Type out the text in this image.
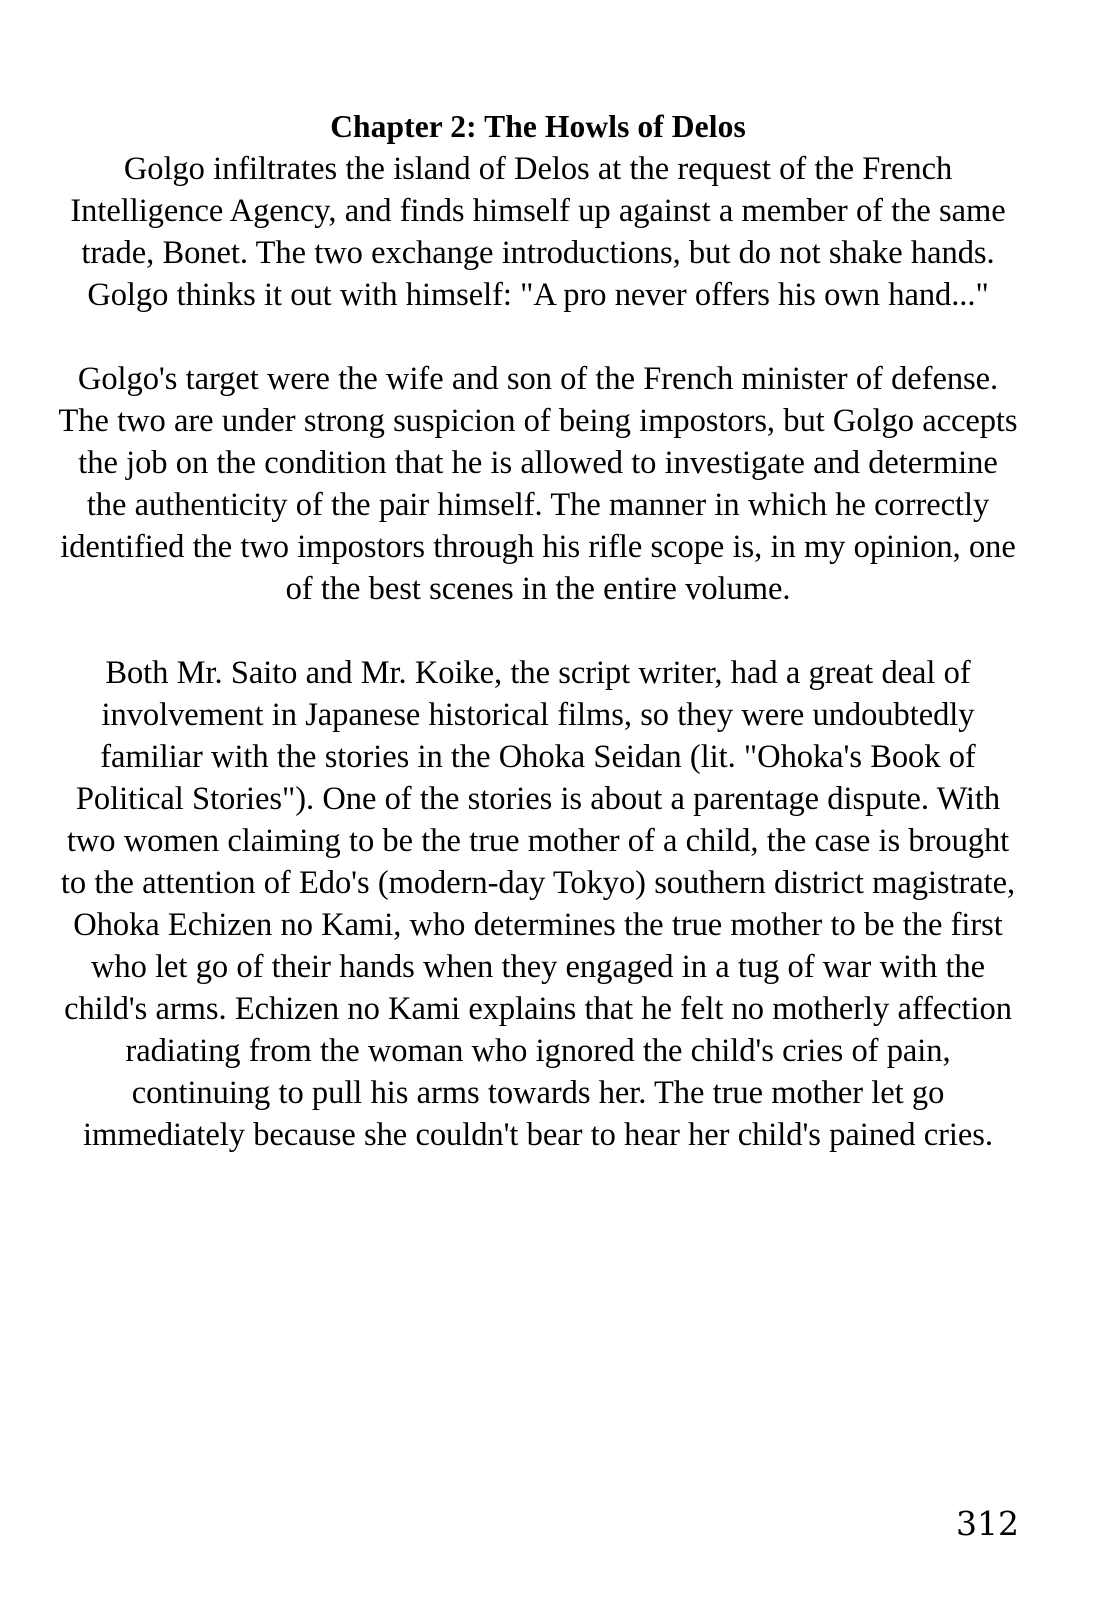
Chapter 2: The Howls of Delos

Golgo infiltrates the island of Delos at the request of the French Intelligence Agency, and finds himself up against a member of the same trade, Bonet. The two exchange introductions, but do not shake hands. Golgo thinks it out with himself: "A pro never offers his own hand..."

Golgo's target were the wife and son of the French minister of defense. The two are under strong suspicion of being impostors, but Golgo accepts the job on the condition that he is allowed to investigate and determine the authenticity of the pair himself. The manner in which he correctly identified the two impostors through his rifle scope is, in my opinion, one of the best scenes in the entire volume.

Both Mr. Saito and Mr. Koike, the script writer, had a great deal of involvement in Japanese historical films, so they were undoubtedly familiar with the stories in the Ohoka Seidan (lit. "Ohoka's Book of Political Stories"). One of the stories is about a parentage dispute. With two women claiming to be the true mother of a child, the case is brought to the attention of Edo's (modern-day Tokyo) southern district magistrate, Ohoka Echizen no Kami, who determines the true mother to be the first who let go of their hands when they engaged in a tug of war with the child's arms. Echizen no Kami explains that he felt no motherly affection radiating from the woman who ignored the child's cries of pain, continuing to pull his arms towards her. The true mother let go immediately because she couldn't bear to hear her child's pained cries.

312
